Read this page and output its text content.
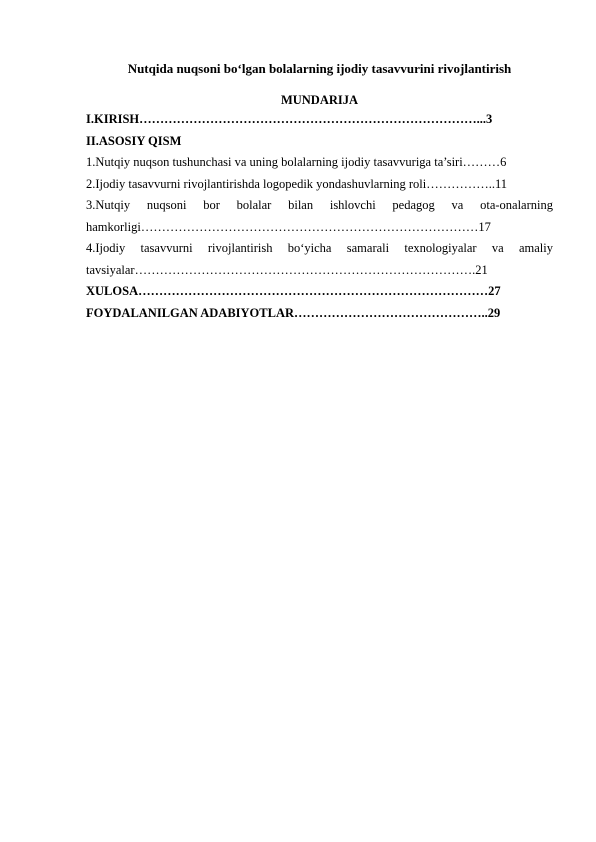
Nutqida nuqsoni bo‘lgan bolalarning ijodiy tasavvurini rivojlantirish
MUNDARIJA
I.KIRISH………………………………………………………………………...3
II.ASOSIY QISM
1.Nutqiy nuqson tushunchasi va uning bolalarning ijodiy tasavvuriga ta’siri………6
2.Ijodiy tasavvurni rivojlantirishda logopedik yondashuvlarning roli……………..11
3.Nutqiy nuqsoni bor bolalar bilan ishlovchi pedagog va ota-onalarning
hamkorligi………………………………………………………………………17
4.Ijodiy tasavvurni rivojlantirish bo‘yicha samarali texnologiyalar va amaliy
tavsiyalar……………………………………………………………………….21
XULOSA…………………………………………………………………………27
FOYDALANILGAN ADABIYOTLAR………………………………………..29
